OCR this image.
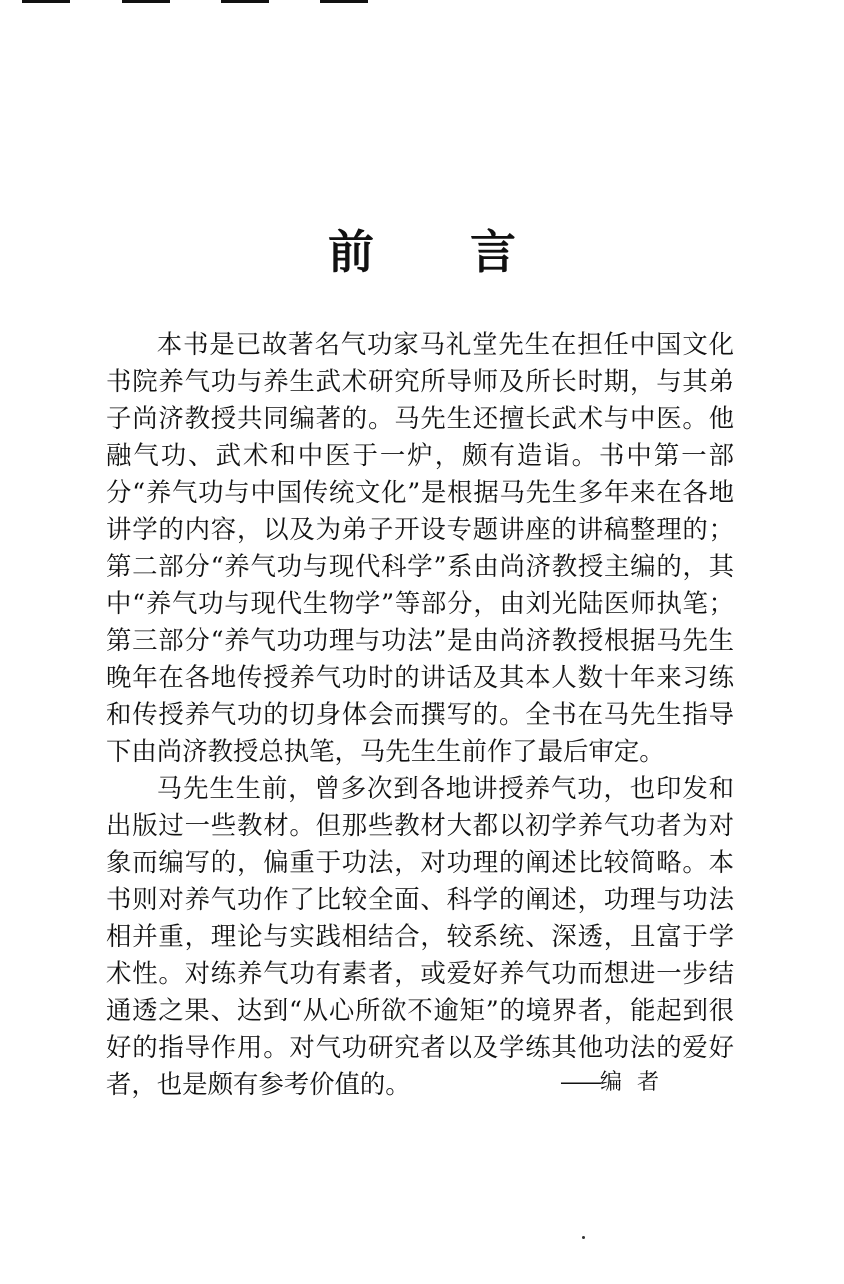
前 言

本书是已故著名气功家马礼堂先生在担任中国文化书院养气功与养生武术研究所导师及所长时期，与其弟子尚济教授共同编著的。马先生还擅长武术与中医。他融气功、武术和中医于一炉，颇有造诣。书中第一部分“养气功与中国传统文化”是根据马先生多年来在各地讲学的内容，以及为弟子开设专题讲座的讲稿整理的；第二部分“养气功与现代科学”系由尚济教授主编的，其中“养气功与现代生物学”等部分，由刘光陆医师执笔；第三部分“养气功功理与功法”是由尚济教授根据马先生晚年在各地传授养气功时的讲话及其本人数十年来习练和传授养气功的切身体会而撰写的。全书在马先生指导下由尚济教授总执笔，马先生生前作了最后审定。

马先生生前，曾多次到各地讲授养气功，也印发和出版过一些教材。但那些教材大都以初学养气功者为对象而编写的，偏重于功法，对功理的阐述比较简略。本书则对养气功作了比较全面、科学的阐述，功理与功法相并重，理论与实践相结合，较系统、深透，且富于学术性。对练养气功有素者，或爱好养气功而想进一步结通透之果、达到“从心所欲不逾矩”的境界者，能起到很好的指导作用。对气功研究者以及学练其他功法的爱好者，也是颇有参考价值的。	——编 者
